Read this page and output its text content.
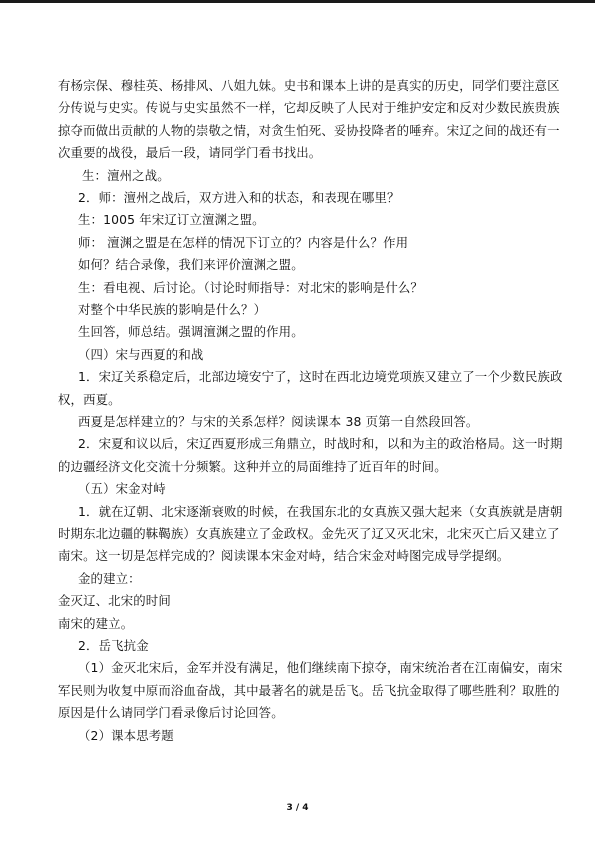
有杨宗保、穆桂英、杨排风、八姐九妹。史书和课本上讲的是真实的历史，同学们要注意区
分传说与史实。传说与史实虽然不一样，它却反映了人民对于维护安定和反对少数民族贵族
掠夺而做出贡献的人物的崇敬之情，对贪生怕死、妥协投降者的唾弃。宋辽之间的战还有一
次重要的战役，最后一段，请同学门看书找出。
生：澶州之战。
2．师：澶州之战后，双方进入和的状态，和表现在哪里？
生：1005 年宋辽订立澶渊之盟。
师： 澶渊之盟是在怎样的情况下订立的？内容是什么？作用
如何？结合录像，我们来评价澶渊之盟。
生：看电视、后讨论。（讨论时师指导：对北宋的影响是什么？
对整个中华民族的影响是什么？）
生回答，师总结。强调澶渊之盟的作用。
（四）宋与西夏的和战
1．宋辽关系稳定后，北部边境安宁了，这时在西北边境党项族又建立了一个少数民族政
权，西夏。
西夏是怎样建立的？与宋的关系怎样？阅读课本 38 页第一自然段回答。
2．宋夏和议以后，宋辽西夏形成三角鼎立，时战时和，以和为主的政治格局。这一时期
的边疆经济文化交流十分频繁。这种并立的局面维持了近百年的时间。
（五）宋金对峙
1．就在辽朝、北宋逐渐衰败的时候，在我国东北的女真族又强大起来（女真族就是唐朝
时期东北边疆的靺鞨族）女真族建立了金政权。金先灭了辽又灭北宋，北宋灭亡后又建立了
南宋。这一切是怎样完成的？阅读课本宋金对峙，结合宋金对峙图完成导学提纲。
金的建立：
金灭辽、北宋的时间
南宋的建立。
2．岳飞抗金
（1）金灭北宋后，金军并没有满足，他们继续南下掠夺，南宋统治者在江南偏安，南宋
军民则为收复中原而浴血奋战，其中最著名的就是岳飞。岳飞抗金取得了哪些胜利？取胜的
原因是什么请同学门看录像后讨论回答。
（2）课本思考题
3 / 4
